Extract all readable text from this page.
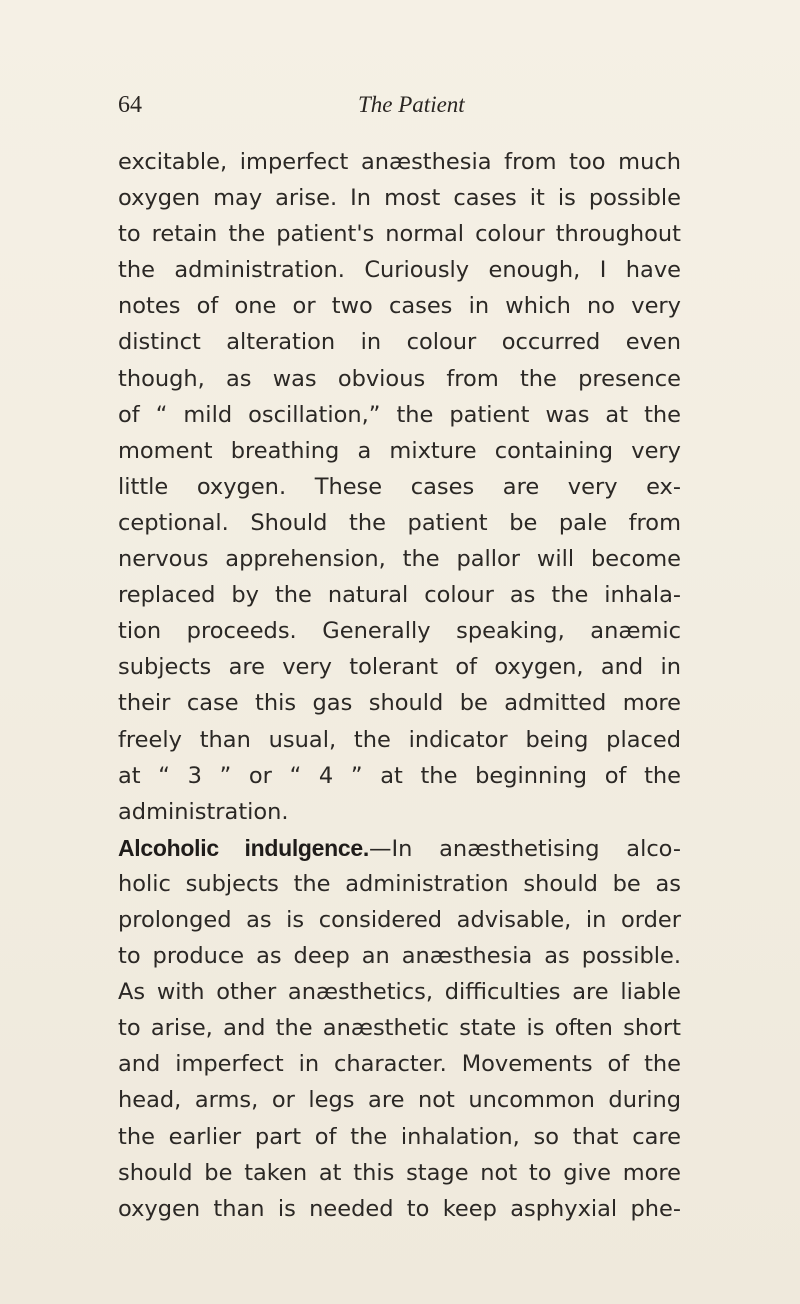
64	The Patient
excitable, imperfect anæsthesia from too much
oxygen may arise. In most cases it is possible
to retain the patient's normal colour throughout
the administration. Curiously enough, I have
notes of one or two cases in which no very
distinct alteration in colour occurred even
though, as was obvious from the presence
of “ mild oscillation,” the patient was at the
moment breathing a mixture containing very
little oxygen. These cases are very ex-
ceptional. Should the patient be pale from
nervous apprehension, the pallor will become
replaced by the natural colour as the inhala-
tion proceeds. Generally speaking, anæmic
subjects are very tolerant of oxygen, and in
their case this gas should be admitted more
freely than usual, the indicator being placed
at “ 3 ” or “ 4 ” at the beginning of the
administration.
Alcoholic indulgence.—In anæsthetising alco-
holic subjects the administration should be as
prolonged as is considered advisable, in order
to produce as deep an anæsthesia as possible.
As with other anæsthetics, difficulties are liable
to arise, and the anæsthetic state is often short
and imperfect in character. Movements of the
head, arms, or legs are not uncommon during
the earlier part of the inhalation, so that care
should be taken at this stage not to give more
oxygen than is needed to keep asphyxial phe-
